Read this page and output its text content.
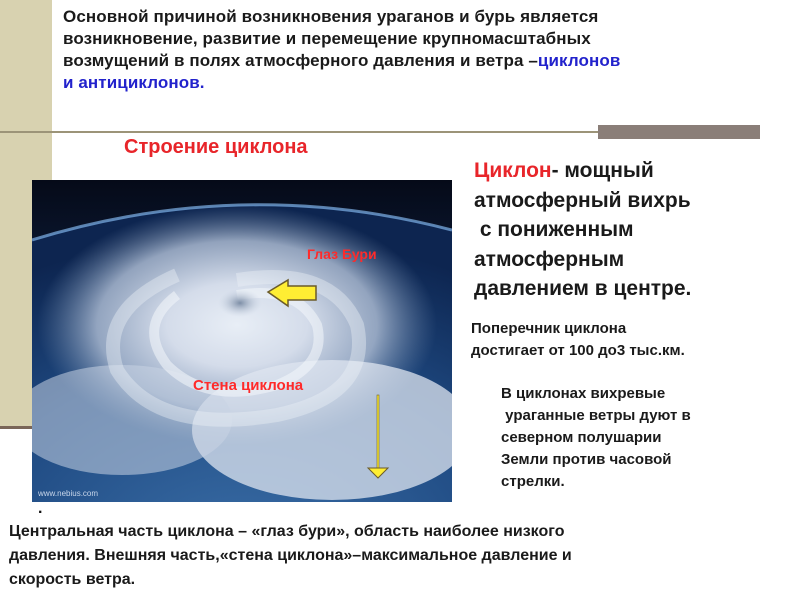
Основной причиной возникновения ураганов и бурь является
возникновение, развитие и перемещение крупномасштабных
возмущений в полях атмосферного давления и ветра –циклонов
и антициклонов.
Строение циклона
www.nebius.com
Глаз Бури
Стена циклона
.
Циклон- мощный
атмосферный вихрь
с пониженным
атмосферным
давлением в центре.
Поперечник циклона
достигает от 100 до3 тыс.км.
В циклонах вихревые
ураганные ветры дуют в
северном полушарии
Земли против часовой
стрелки.
Центральная часть циклона – «глаз бури», область наиболее низкого
давления. Внешняя часть,«стена циклона»–максимальное давление и
скорость ветра.
